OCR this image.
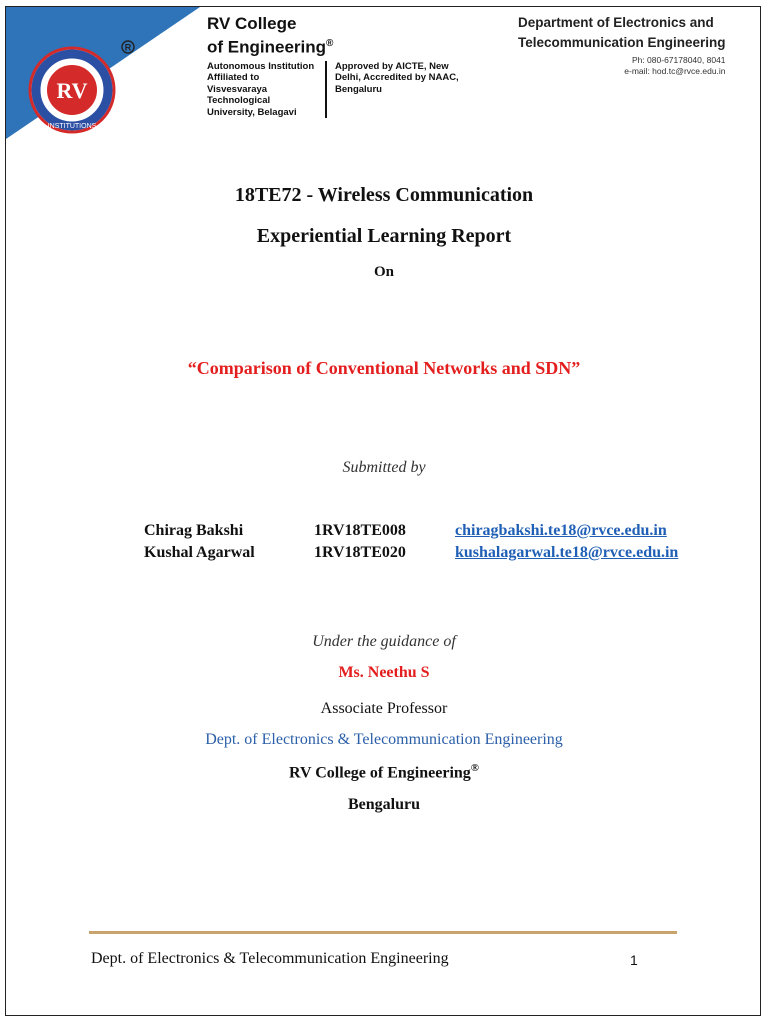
RV
INSTITUTIONS
R
RV College
of Engineering®
Autonomous Institution Affiliated to Visvesvaraya Technological University, Belagavi
Approved by AICTE, New Delhi, Accredited by NAAC, Bengaluru
Department of Electronics and
Telecommunication Engineering
Ph: 080-67178040, 8041
e-mail: hod.tc@rvce.edu.in
18TE72 - Wireless Communication
Experiential Learning Report
On
“Comparison of Conventional Networks and SDN”
Submitted by
Chirag Bakshi	1RV18TE008	chiragbakshi.te18@rvce.edu.in
Kushal Agarwal	1RV18TE020	kushalagarwal.te18@rvce.edu.in
Under the guidance of
Ms. Neethu S
Associate Professor
Dept. of Electronics & Telecommunication Engineering
RV College of Engineering®
Bengaluru
Dept. of Electronics & Telecommunication Engineering	1
